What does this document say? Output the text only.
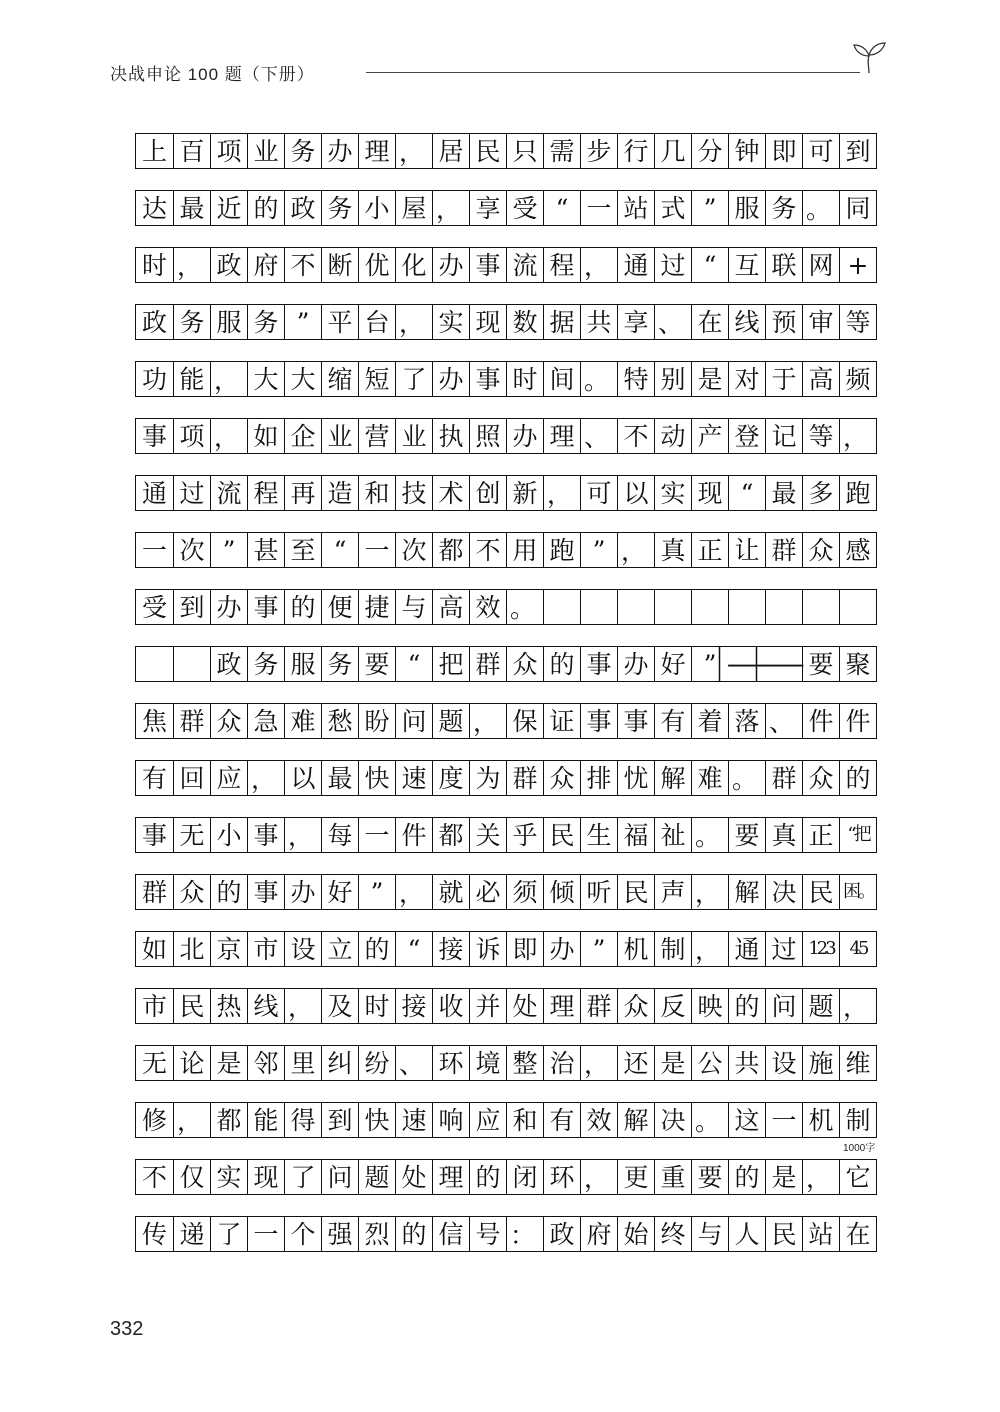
决战申论 100 题（下册）
上 百 项 业 务 办 理 ， 居 民 只 需 步 行 几 分 钟 即 可 到
达 最 近 的 政 务 小 屋 ， 享 受 “ 一 站 式 ” 服 务 。 同
时 ， 政 府 不 断 优 化 办 事 流 程 ， 通 过 “ 互 联 网 +
政 务 服 务 ” 平 台 ， 实 现 数 据 共 享 、 在 线 预 审 等
功 能 ， 大 大 缩 短 了 办 事 时 间 。 特 别 是 对 于 高 频
事 项 ， 如 企 业 营 业 执 照 办 理 、 不 动 产 登 记 等 ，
通 过 流 程 再 造 和 技 术 创 新 ， 可 以 实 现 “ 最 多 跑
一 次 ” 甚 至 “ 一 次 都 不 用 跑 ” ， 真 正 让 群 众 感
受 到 办 事 的 便 捷 与 高 效 。
政 务 服 务 要 “ 把 群 众 的 事 办 好 ” —
— 要 聚
焦 群 众 急 难 愁 盼 问 题 ， 保 证 事 事 有 着 落 、 件 件
有 回 应 ， 以 最 快 速 度 为 群 众 排 忧 解 难 。 群 众 的
事 无 小 事 ， 每 一 件 都 关 乎 民 生 福 祉 。 要 真 正 “把
群 众 的 事 办 好 ” ， 就 必 须 倾 听 民 声 ， 解 决 民 困。
如 北 京 市 设 立 的 “ 接 诉 即 办 ” 机 制 ， 通 过 123 45
市 民 热 线 ， 及 时 接 收 并 处 理 群 众 反 映 的 问 题 ，
无 论 是 邻 里 纠 纷 、 环 境 整 治 ， 还 是 公 共 设 施 维
修 ， 都 能 得 到 快 速 响 应 和 有 效 解 决 。 这 一 机 制
不 仅 实 现 了 问 题 处 理 的 闭 环 ， 更 重 要 的 是 ， 它
传 递 了 一 个 强 烈 的 信 号 ： 政 府 始 终 与 人 民 站 在
1000字
332
